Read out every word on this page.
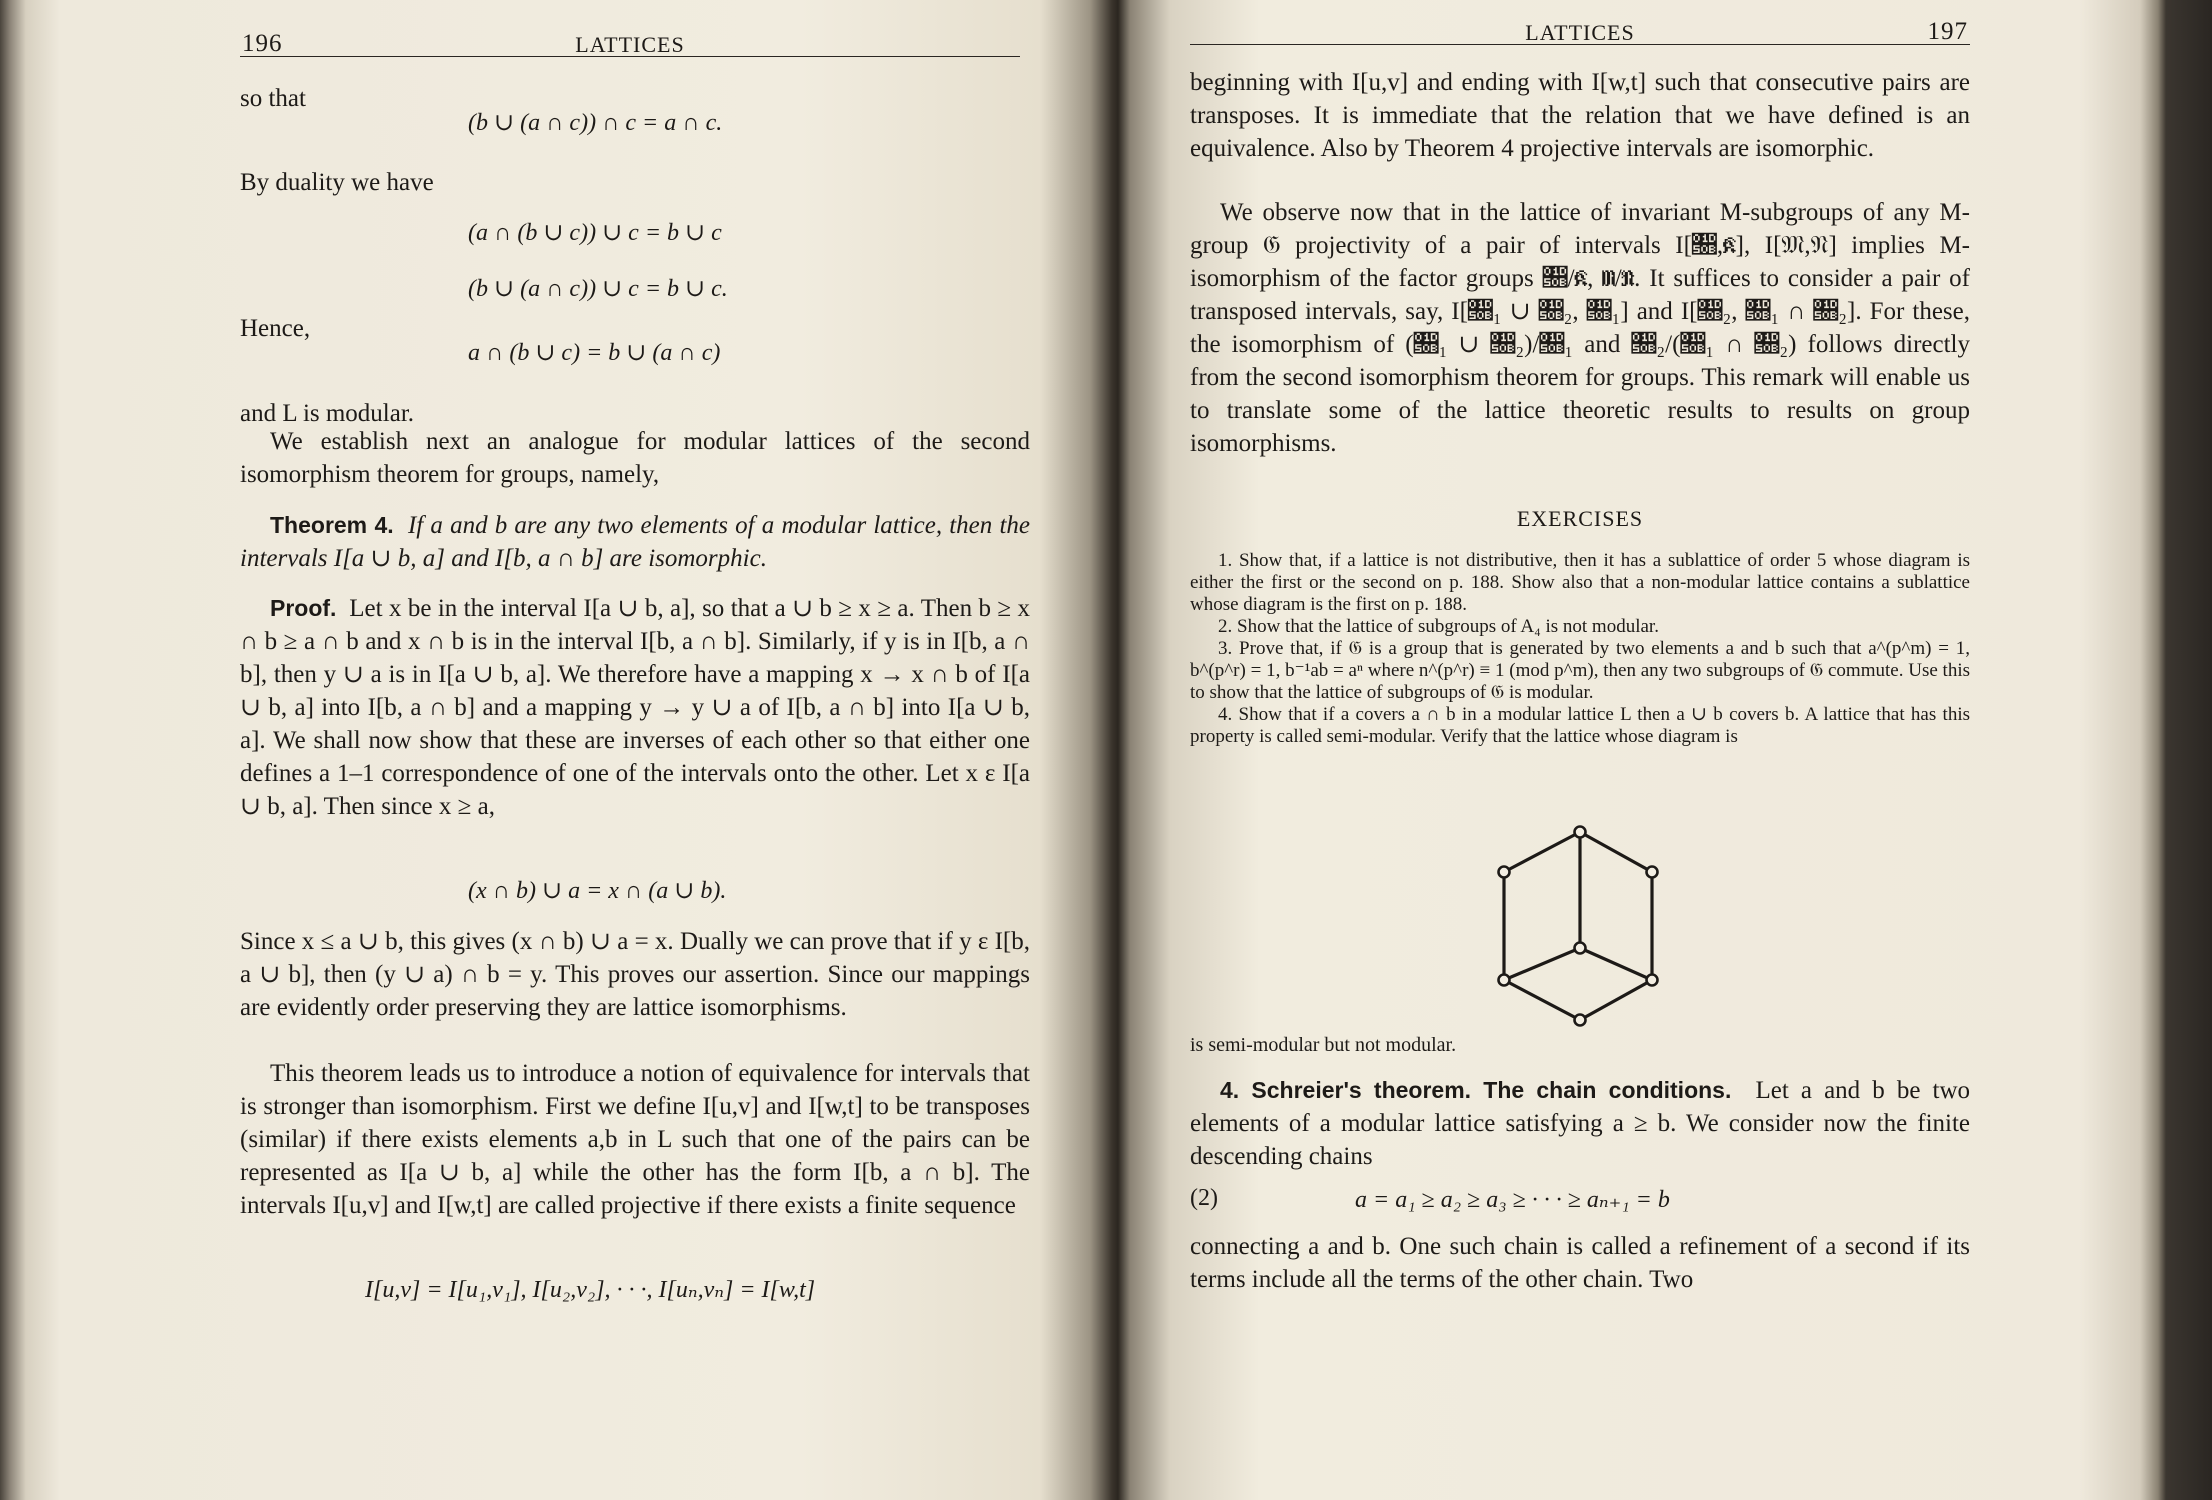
196	LATTICES
so that
(b ∪ (a ∩ c)) ∩ c = a ∩ c.
By duality we have
(a ∩ (b ∪ c)) ∪ c = b ∪ c
(b ∪ (a ∩ c)) ∪ c = b ∪ c.
Hence,
a ∩ (b ∪ c) = b ∪ (a ∩ c)
and L is modular.

We establish next an analogue for modular lattices of the second isomorphism theorem for groups, namely,

Theorem 4. If a and b are any two elements of a modular lattice, then the intervals I[a ∪ b, a] and I[b, a ∩ b] are isomorphic.

Proof. Let x be in the interval I[a ∪ b, a], so that a ∪ b ≥ x ≥ a. Then b ≥ x ∩ b ≥ a ∩ b and x ∩ b is in the interval I[b, a ∩ b]. Similarly, if y is in I[b, a ∩ b], then y ∪ a is in I[a ∪ b, a]. We therefore have a mapping x → x ∩ b of I[a ∪ b, a] into I[b, a ∩ b] and a mapping y → y ∪ a of I[b, a ∩ b] into I[a ∪ b, a]. We shall now show that these are inverses of each other so that either one defines a 1–1 correspondence of one of the intervals onto the other. Let x ε I[a ∪ b, a]. Then since x ≥ a,

(x ∩ b) ∪ a = x ∩ (a ∪ b).

Since x ≤ a ∪ b, this gives (x ∩ b) ∪ a = x. Dually we can prove that if y ε I[b, a ∪ b], then (y ∪ a) ∩ b = y. This proves our assertion. Since our mappings are evidently order preserving they are lattice isomorphisms.

This theorem leads us to introduce a notion of equivalence for intervals that is stronger than isomorphism. First we define I[u,v] and I[w,t] to be transposes (similar) if there exists elements a,b in L such that one of the pairs can be represented as I[a ∪ b, a] while the other has the form I[b, a ∩ b]. The intervals I[u,v] and I[w,t] are called projective if there exists a finite sequence

I[u,v] = I[u₁,v₁], I[u₂,v₂], · · ·, I[uₙ,vₙ] = I[w,t]
LATTICES	197

beginning with I[u,v] and ending with I[w,t] such that consecutive pairs are transposes. It is immediate that the relation that we have defined is an equivalence. Also by Theorem 4 projective intervals are isomorphic.

We observe now that in the lattice of invariant M-subgroups of any M-group 𝔊 projectivity of a pair of intervals I[𝔋,𝔎], I[𝔐,𝔑] implies M-isomorphism of the factor groups 𝔋/𝔎, 𝔐/𝔑. It suffices to consider a pair of transposed intervals, say, I[𝔋₁ ∪ 𝔋₂, 𝔋₁] and I[𝔋₂, 𝔋₁ ∩ 𝔋₂]. For these, the isomorphism of (𝔋₁ ∪ 𝔋₂)/𝔋₁ and 𝔋₂/(𝔋₁ ∩ 𝔋₂) follows directly from the second isomorphism theorem for groups. This remark will enable us to translate some of the lattice theoretic results to results on group isomorphisms.

EXERCISES

1. Show that, if a lattice is not distributive, then it has a sublattice of order 5 whose diagram is either the first or the second on p. 188. Show also that a non-modular lattice contains a sublattice whose diagram is the first on p. 188.

2. Show that the lattice of subgroups of A₄ is not modular.

3. Prove that, if 𝔊 is a group that is generated by two elements a and b such that a^(p^m) = 1, b^(p^r) = 1, b⁻¹ab = aⁿ where n^(p^r) ≡ 1 (mod p^m), then any two subgroups of 𝔊 commute. Use this to show that the lattice of subgroups of 𝔊 is modular.

4. Show that if a covers a ∩ b in a modular lattice L then a ∪ b covers b. A lattice that has this property is called semi-modular. Verify that the lattice whose diagram is

is semi-modular but not modular.

4. Schreier's theorem. The chain conditions. Let a and b be two elements of a modular lattice satisfying a ≥ b. We consider now the finite descending chains

(2)	a = a₁ ≥ a₂ ≥ a₃ ≥ · · · ≥ aₙ₊₁ = b

connecting a and b. One such chain is called a refinement of a second if its terms include all the terms of the other chain. Two
